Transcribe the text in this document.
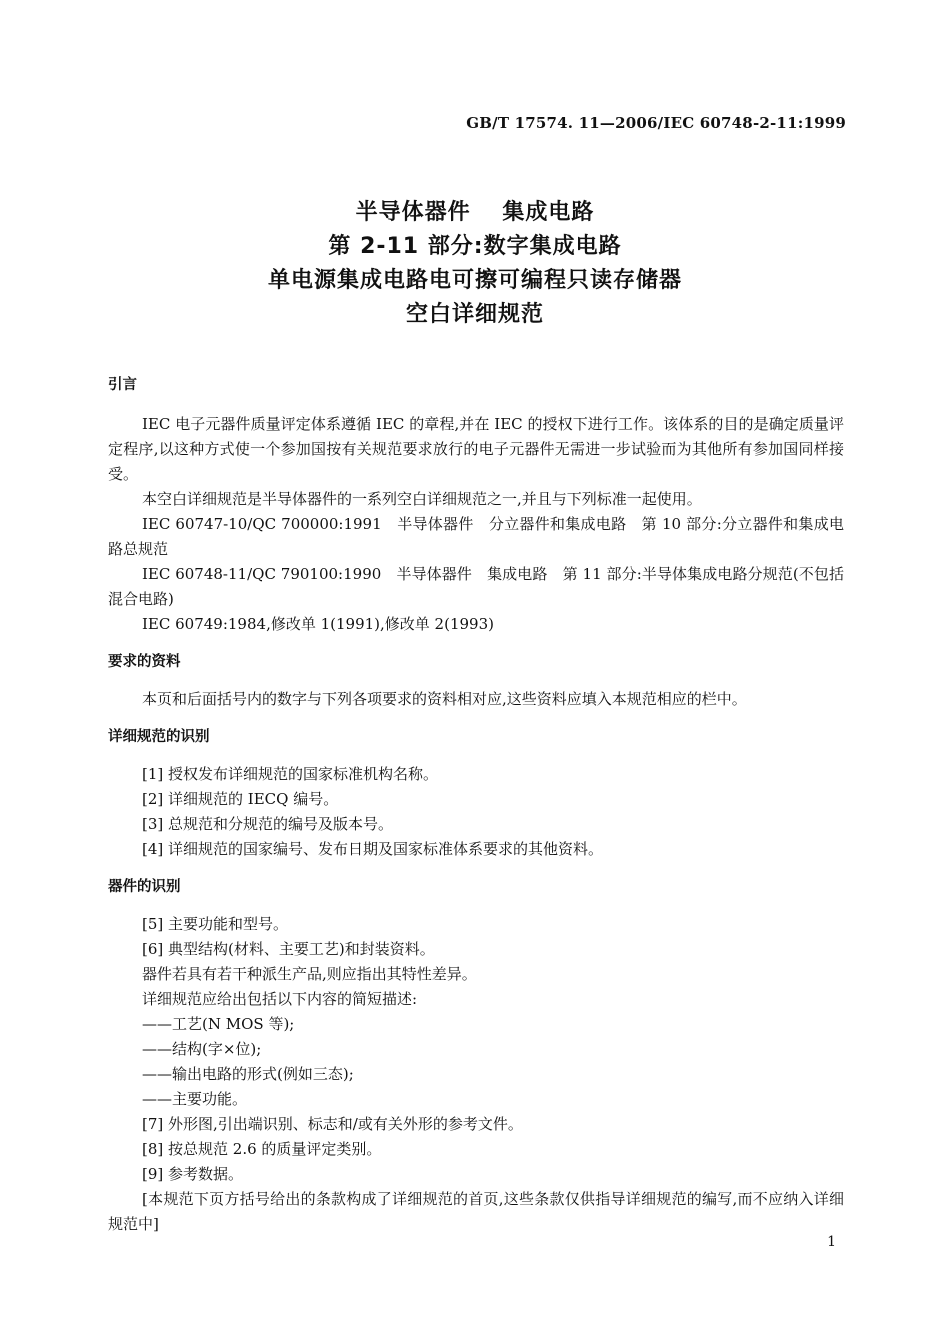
GB/T 17574. 11—2006/IEC 60748-2-11:1999
半导体器件　 集成电路
第 2-11 部分:数字集成电路
单电源集成电路电可擦可编程只读存储器
空白详细规范
引言
IEC 电子元器件质量评定体系遵循 IEC 的章程,并在 IEC 的授权下进行工作。该体系的目的是确定质量评定程序,以这种方式使一个参加国按有关规范要求放行的电子元器件无需进一步试验而为其他所有参加国同样接受。
本空白详细规范是半导体器件的一系列空白详细规范之一,并且与下列标准一起使用。
IEC 60747-10/QC 700000:1991　半导体器件　分立器件和集成电路　第 10 部分:分立器件和集成电路总规范
IEC 60748-11/QC 790100:1990　半导体器件　集成电路　第 11 部分:半导体集成电路分规范(不包括混合电路)
IEC 60749:1984,修改单 1(1991),修改单 2(1993)
要求的资料
本页和后面括号内的数字与下列各项要求的资料相对应,这些资料应填入本规范相应的栏中。
详细规范的识别
[1] 授权发布详细规范的国家标准机构名称。
[2] 详细规范的 IECQ 编号。
[3] 总规范和分规范的编号及版本号。
[4] 详细规范的国家编号、发布日期及国家标准体系要求的其他资料。
器件的识别
[5] 主要功能和型号。
[6] 典型结构(材料、主要工艺)和封装资料。
器件若具有若干种派生产品,则应指出其特性差异。
详细规范应给出包括以下内容的简短描述:
——工艺(N MOS 等);
——结构(字×位);
——输出电路的形式(例如三态);
——主要功能。
[7] 外形图,引出端识别、标志和/或有关外形的参考文件。
[8] 按总规范 2.6 的质量评定类别。
[9] 参考数据。
[本规范下页方括号给出的条款构成了详细规范的首页,这些条款仅供指导详细规范的编写,而不应纳入详细规范中]
1
